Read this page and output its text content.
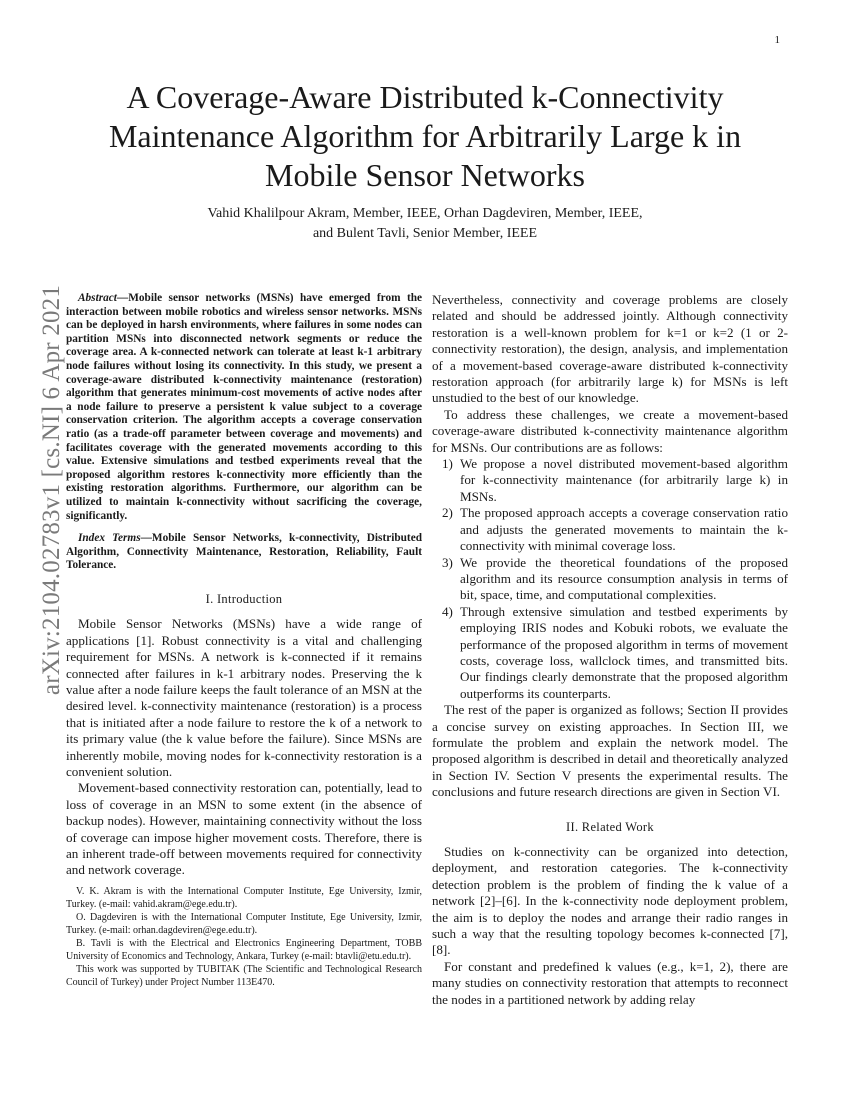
1
arXiv:2104.02783v1 [cs.NI] 6 Apr 2021
A Coverage-Aware Distributed k-Connectivity Maintenance Algorithm for Arbitrarily Large k in Mobile Sensor Networks
Vahid Khalilpour Akram, Member, IEEE, Orhan Dagdeviren, Member, IEEE,
and Bulent Tavli, Senior Member, IEEE

Abstract—Mobile sensor networks (MSNs) have emerged from the interaction between mobile robotics and wireless sensor networks. MSNs can be deployed in harsh environments, where failures in some nodes can partition MSNs into disconnected network segments or reduce the coverage area. A k-connected network can tolerate at least k-1 arbitrary node failures without losing its connectivity. In this study, we present a coverage-aware distributed k-connectivity maintenance (restoration) algorithm that generates minimum-cost movements of active nodes after a node failure to preserve a persistent k value subject to a coverage conservation criterion. The algorithm accepts a coverage conservation ratio (as a trade-off parameter between coverage and movements) and facilitates coverage with the generated movements according to this value. Extensive simulations and testbed experiments reveal that the proposed algorithm restores k-connectivity more efficiently than the existing restoration algorithms. Furthermore, our algorithm can be utilized to maintain k-connectivity without sacrificing the coverage, significantly.

Index Terms—Mobile Sensor Networks, k-connectivity, Distributed Algorithm, Connectivity Maintenance, Restoration, Reliability, Fault Tolerance.

I. Introduction

Mobile Sensor Networks (MSNs) have a wide range of applications [1]. Robust connectivity is a vital and challenging requirement for MSNs. A network is k-connected if it remains connected after failures in k-1 arbitrary nodes. Preserving the k value after a node failure keeps the fault tolerance of an MSN at the desired level. k-connectivity maintenance (restoration) is a process that is initiated after a node failure to restore the k of a network to its primary value (the k value before the failure). Since MSNs are inherently mobile, moving nodes for k-connectivity restoration is a convenient solution.

Movement-based connectivity restoration can, potentially, lead to loss of coverage in an MSN to some extent (in the absence of backup nodes). However, maintaining connectivity without the loss of coverage can impose higher movement costs. Therefore, there is an inherent trade-off between movements required for connectivity and network coverage.

V. K. Akram is with the International Computer Institute, Ege University, Izmir, Turkey. (e-mail: vahid.akram@ege.edu.tr).

O. Dagdeviren is with the International Computer Institute, Ege University, Izmir, Turkey. (e-mail: orhan.dagdeviren@ege.edu.tr).

B. Tavli is with the Electrical and Electronics Engineering Department, TOBB University of Economics and Technology, Ankara, Turkey (e-mail: btavli@etu.edu.tr).

This work was supported by TUBITAK (The Scientific and Technological Research Council of Turkey) under Project Number 113E470.

Nevertheless, connectivity and coverage problems are closely related and should be addressed jointly. Although connectivity restoration is a well-known problem for k=1 or k=2 (1 or 2-connectivity restoration), the design, analysis, and implementation of a movement-based coverage-aware distributed k-connectivity restoration approach (for arbitrarily large k) for MSNs is left unstudied to the best of our knowledge.

To address these challenges, we create a movement-based coverage-aware distributed k-connectivity maintenance algorithm for MSNs. Our contributions are as follows:

1) We propose a novel distributed movement-based algorithm for k-connectivity maintenance (for arbitrarily large k) in MSNs.
2) The proposed approach accepts a coverage conservation ratio and adjusts the generated movements to maintain the k-connectivity with minimal coverage loss.
3) We provide the theoretical foundations of the proposed algorithm and its resource consumption analysis in terms of bit, space, time, and computational complexities.
4) Through extensive simulation and testbed experiments by employing IRIS nodes and Kobuki robots, we evaluate the performance of the proposed algorithm in terms of movement costs, coverage loss, wallclock times, and transmitted bits. Our findings clearly demonstrate that the proposed algorithm outperforms its counterparts.

The rest of the paper is organized as follows; Section II provides a concise survey on existing approaches. In Section III, we formulate the problem and explain the network model. The proposed algorithm is described in detail and theoretically analyzed in Section IV. Section V presents the experimental results. The conclusions and future research directions are given in Section VI.

II. Related Work

Studies on k-connectivity can be organized into detection, deployment, and restoration categories. The k-connectivity detection problem is the problem of finding the k value of a network [2]–[6]. In the k-connectivity node deployment problem, the aim is to deploy the nodes and arrange their radio ranges in such a way that the resulting topology becomes k-connected [7], [8].

For constant and predefined k values (e.g., k=1, 2), there are many studies on connectivity restoration that attempts to reconnect the nodes in a partitioned network by adding relay
